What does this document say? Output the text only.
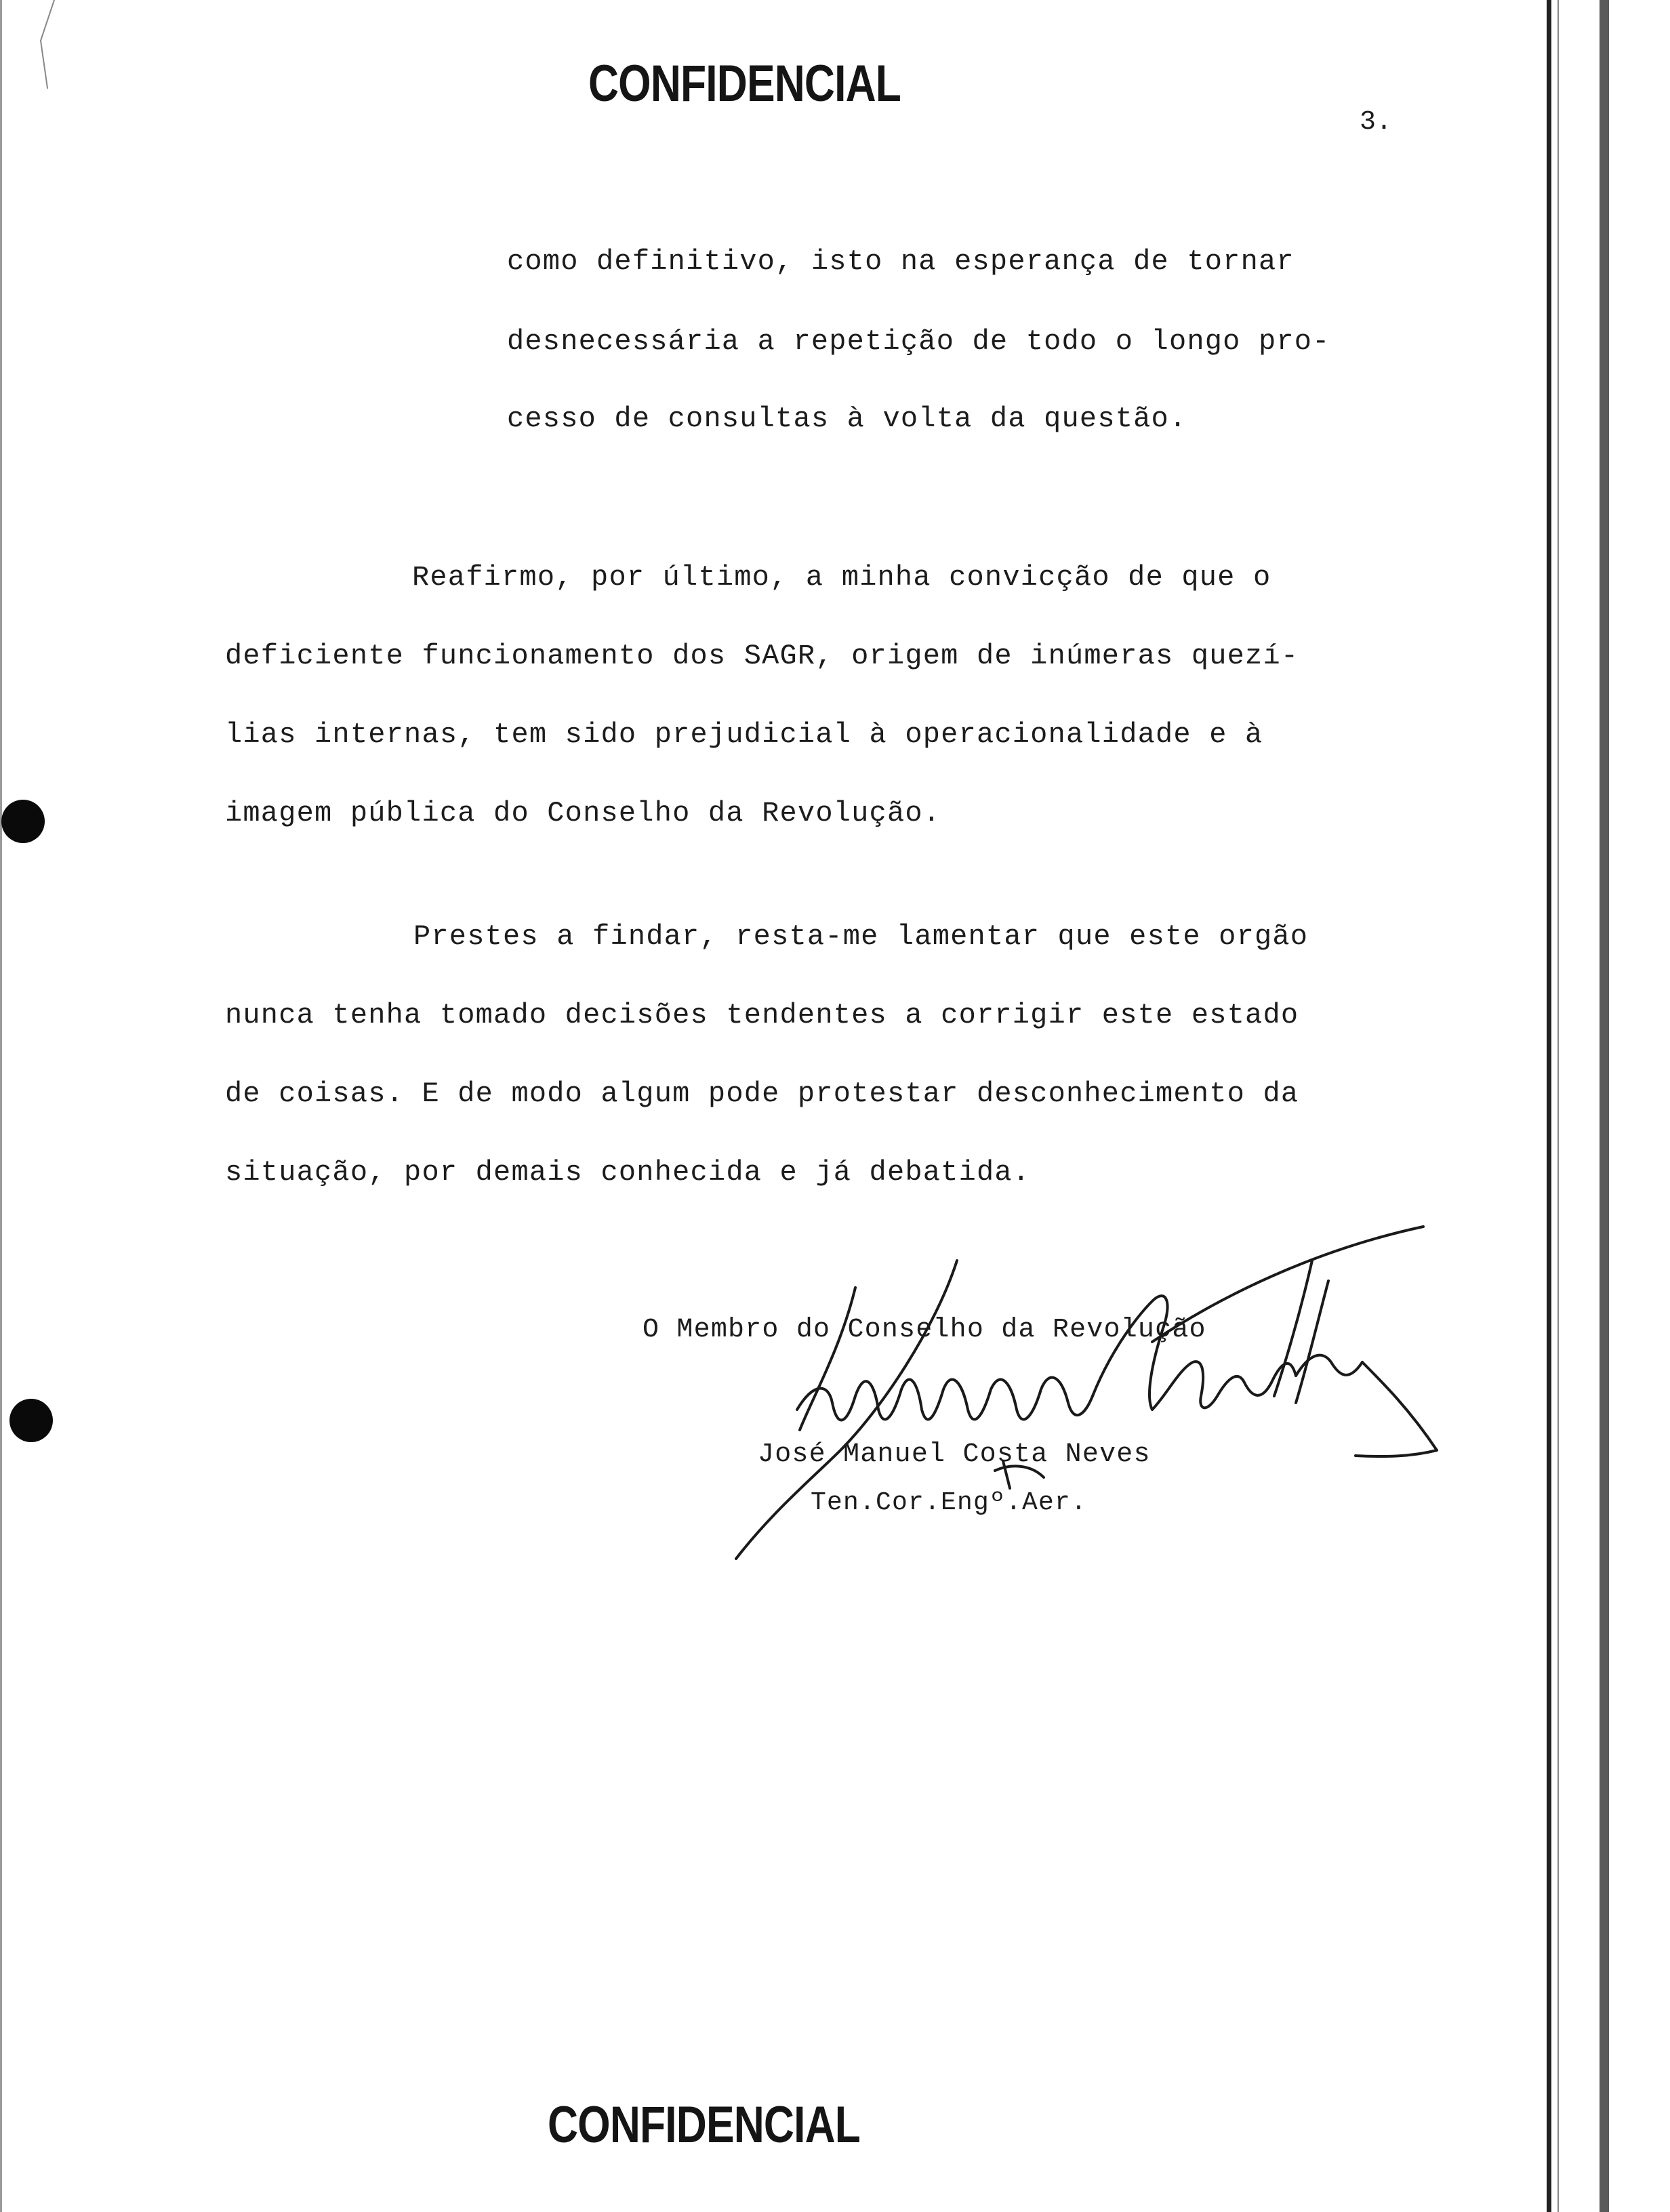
CONFIDENCIAL
3.
como definitivo, isto na esperança de tornar
desnecessária a repetição de todo o longo pro-
cesso de consultas à volta da questão.
Reafirmo, por último, a minha convicção de que o
deficiente funcionamento dos SAGR, origem de inúmeras quezí-
lias internas, tem sido prejudicial à operacionalidade e à
imagem pública do Conselho da Revolução.
Prestes a findar, resta-me lamentar que este orgão
nunca tenha tomado decisões tendentes a corrigir este estado
de coisas. E de modo algum pode protestar desconhecimento da
situação, por demais conhecida e já debatida.
O Membro do Conselho da Revolução
José Manuel Costa Neves
Ten.Cor.Engº.Aer.
CONFIDENCIAL
